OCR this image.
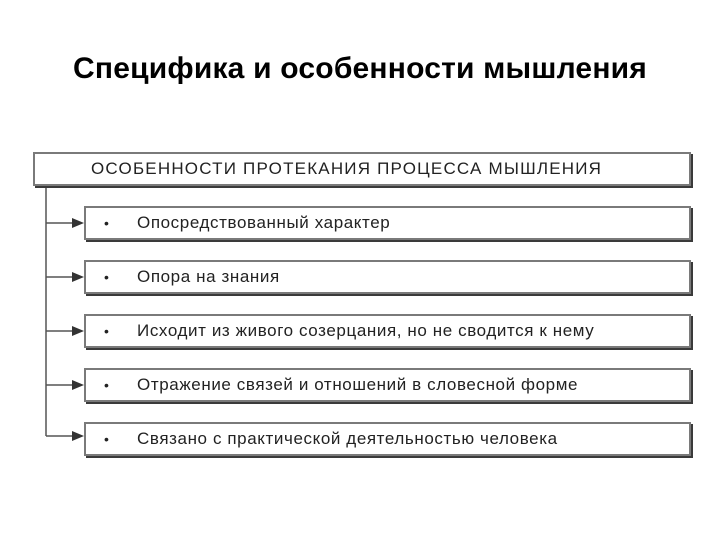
Специфика и особенности мышления
ОСОБЕННОСТИ ПРОТЕКАНИЯ ПРОЦЕССА МЫШЛЕНИЯ
• Опосредствованный характер
• Опора на знания
• Исходит из живого созерцания, но не сводится к нему
• Отражение связей и отношений в словесной форме
• Связано с практической деятельностью человека
